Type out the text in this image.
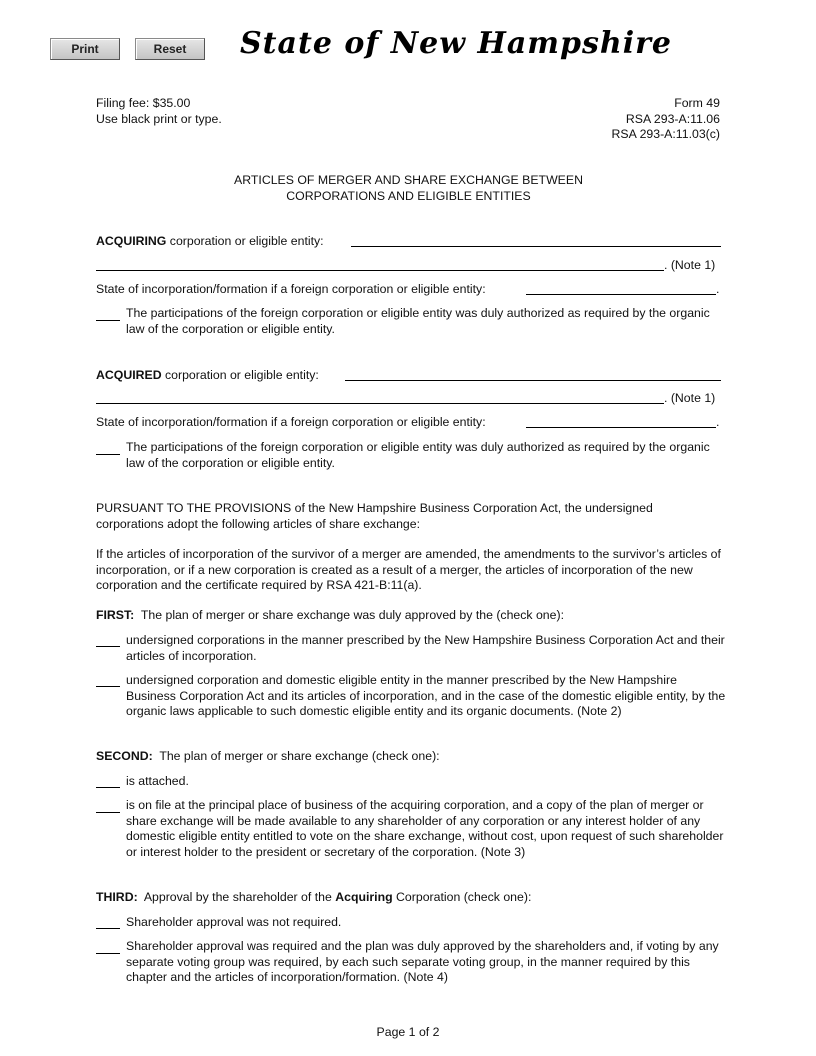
Print	Reset	State of New Hampshire
Filing fee: $35.00
Use black print or type.
Form 49
RSA 293-A:11.06
RSA 293-A:11.03(c)
ARTICLES OF MERGER AND SHARE EXCHANGE BETWEEN
CORPORATIONS AND ELIGIBLE ENTITIES
ACQUIRING corporation or eligible entity:
. (Note 1)
State of incorporation/formation if a foreign corporation or eligible entity:	.
The participations of the foreign corporation or eligible entity was duly authorized as required by the organic law of the corporation or eligible entity.
ACQUIRED corporation or eligible entity:
. (Note 1)
State of incorporation/formation if a foreign corporation or eligible entity:	.
The participations of the foreign corporation or eligible entity was duly authorized as required by the organic law of the corporation or eligible entity.
PURSUANT TO THE PROVISIONS of the New Hampshire Business Corporation Act, the undersigned corporations adopt the following articles of share exchange:
If the articles of incorporation of the survivor of a merger are amended, the amendments to the survivor’s articles of incorporation, or if a new corporation is created as a result of a merger, the articles of incorporation of the new corporation and the certificate required by RSA 421-B:11(a).
FIRST:  The plan of merger or share exchange was duly approved by the (check one):
undersigned corporations in the manner prescribed by the New Hampshire Business Corporation Act and their articles of incorporation.
undersigned corporation and domestic eligible entity in the manner prescribed by the New Hampshire Business Corporation Act and its articles of incorporation, and in the case of the domestic eligible entity, by the organic laws applicable to such domestic eligible entity and its organic documents. (Note 2)
SECOND:  The plan of merger or share exchange (check one):
is attached.
is on file at the principal place of business of the acquiring corporation, and a copy of the plan of merger or share exchange will be made available to any shareholder of any corporation or any interest holder of any domestic eligible entity entitled to vote on the share exchange, without cost, upon request of such shareholder or interest holder to the president or secretary of the corporation. (Note 3)
THIRD:  Approval by the shareholder of the Acquiring Corporation (check one):
Shareholder approval was not required.
Shareholder approval was required and the plan was duly approved by the shareholders and, if voting by any separate voting group was required, by each such separate voting group, in the manner required by this chapter and the articles of incorporation/formation. (Note 4)
Page 1 of 2
